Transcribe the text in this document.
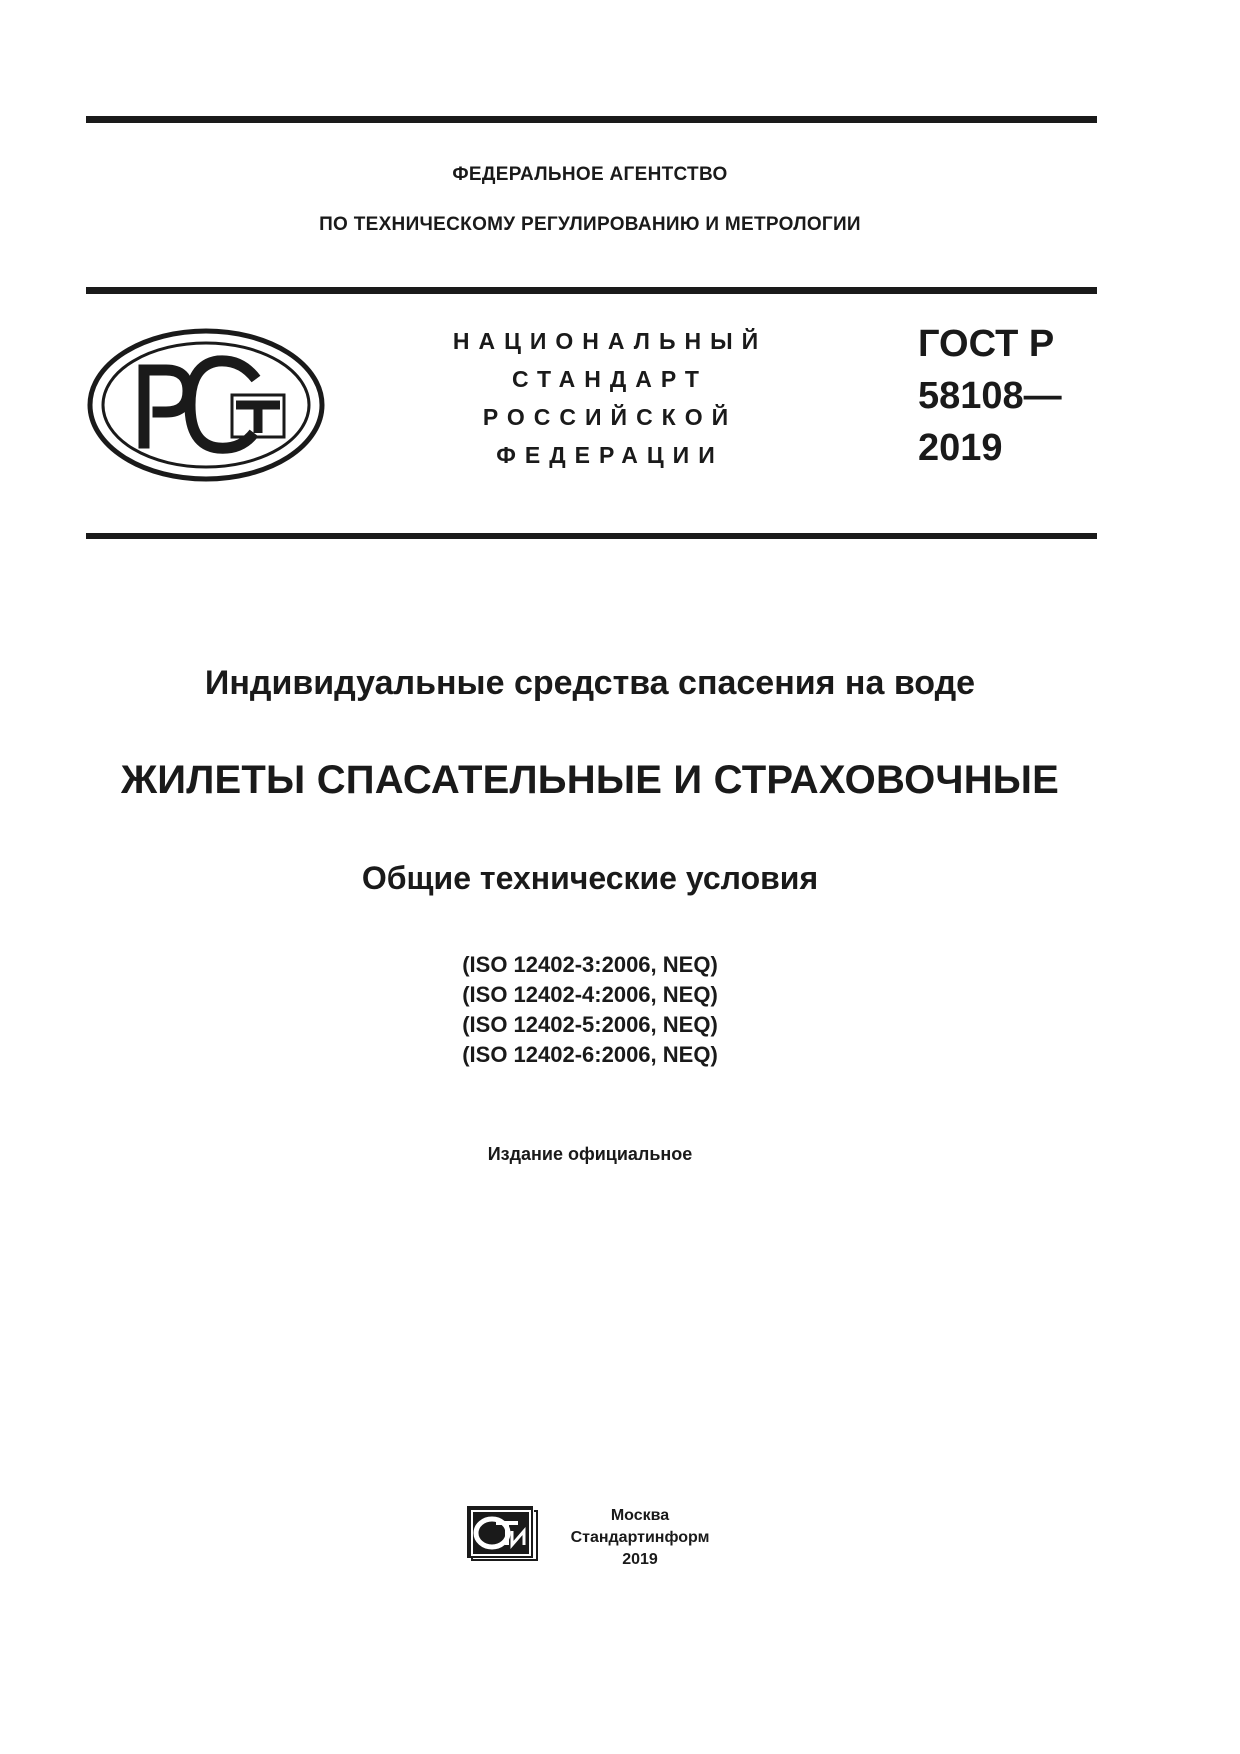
ФЕДЕРАЛЬНОЕ АГЕНТСТВО
ПО ТЕХНИЧЕСКОМУ РЕГУЛИРОВАНИЮ И МЕТРОЛОГИИ
НАЦИОНАЛЬНЫЙ
СТАНДАРТ
РОССИЙСКОЙ
ФЕДЕРАЦИИ
ГОСТ Р
58108—
2019
Индивидуальные средства спасения на воде
ЖИЛЕТЫ СПАСАТЕЛЬНЫЕ И СТРАХОВОЧНЫЕ
Общие технические условия
(ISO 12402-3:2006, NEQ)
(ISO 12402-4:2006, NEQ)
(ISO 12402-5:2006, NEQ)
(ISO 12402-6:2006, NEQ)
Издание официальное
Москва
Стандартинформ
2019
